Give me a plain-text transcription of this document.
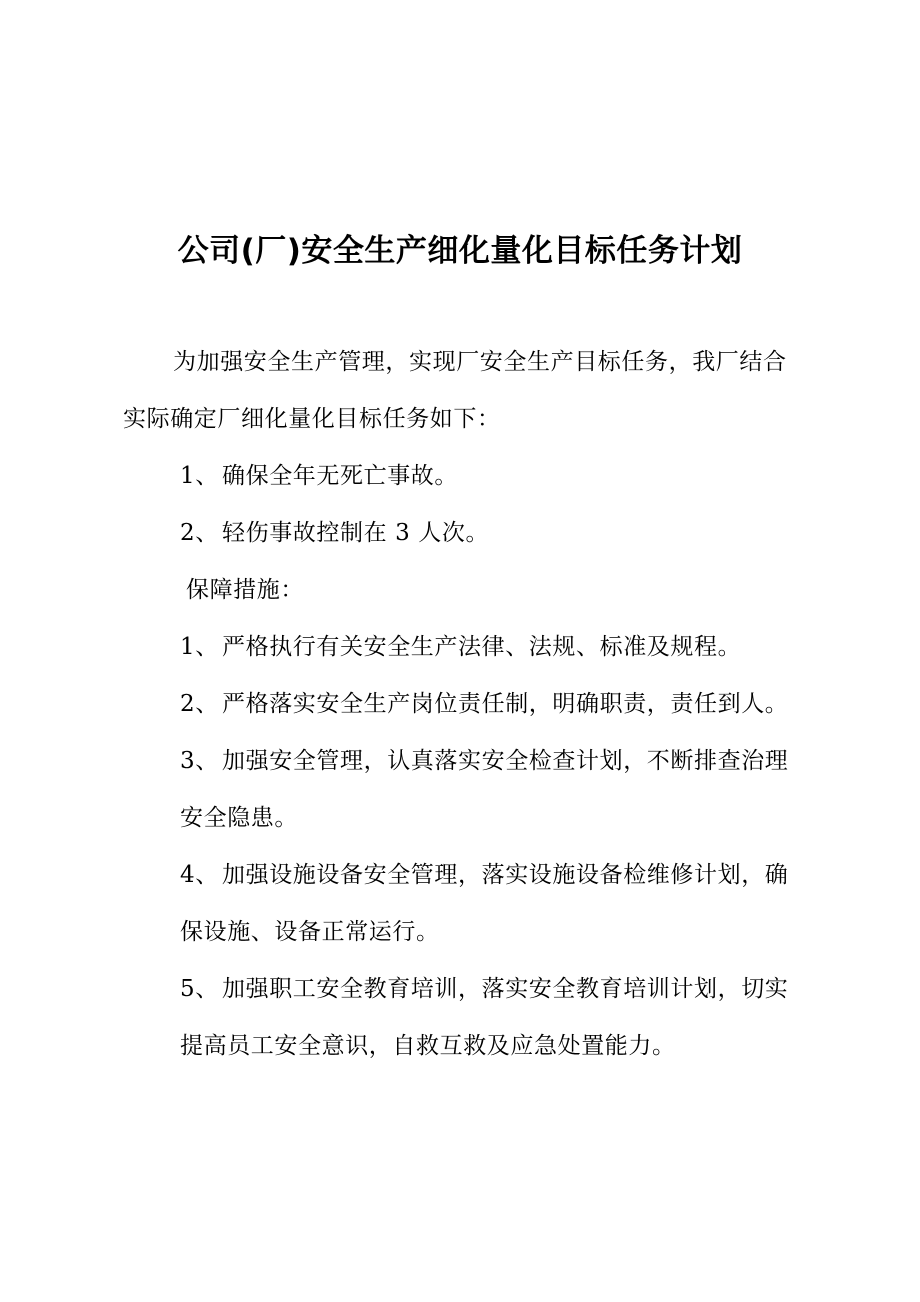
公司(厂)安全生产细化量化目标任务计划
为加强安全生产管理，实现厂安全生产目标任务，我厂结合
实际确定厂细化量化目标任务如下：
1、 确保全年无死亡事故。
2、 轻伤事故控制在 3 人次。
保障措施：
1、 严格执行有关安全生产法律、法规、标准及规程。
2、 严格落实安全生产岗位责任制，明确职责，责任到人。
3、 加强安全管理，认真落实安全检查计划，不断排查治理
安全隐患。
4、 加强设施设备安全管理，落实设施设备检维修计划，确
保设施、设备正常运行。
5、 加强职工安全教育培训，落实安全教育培训计划，切实
提高员工安全意识，自救互救及应急处置能力。
